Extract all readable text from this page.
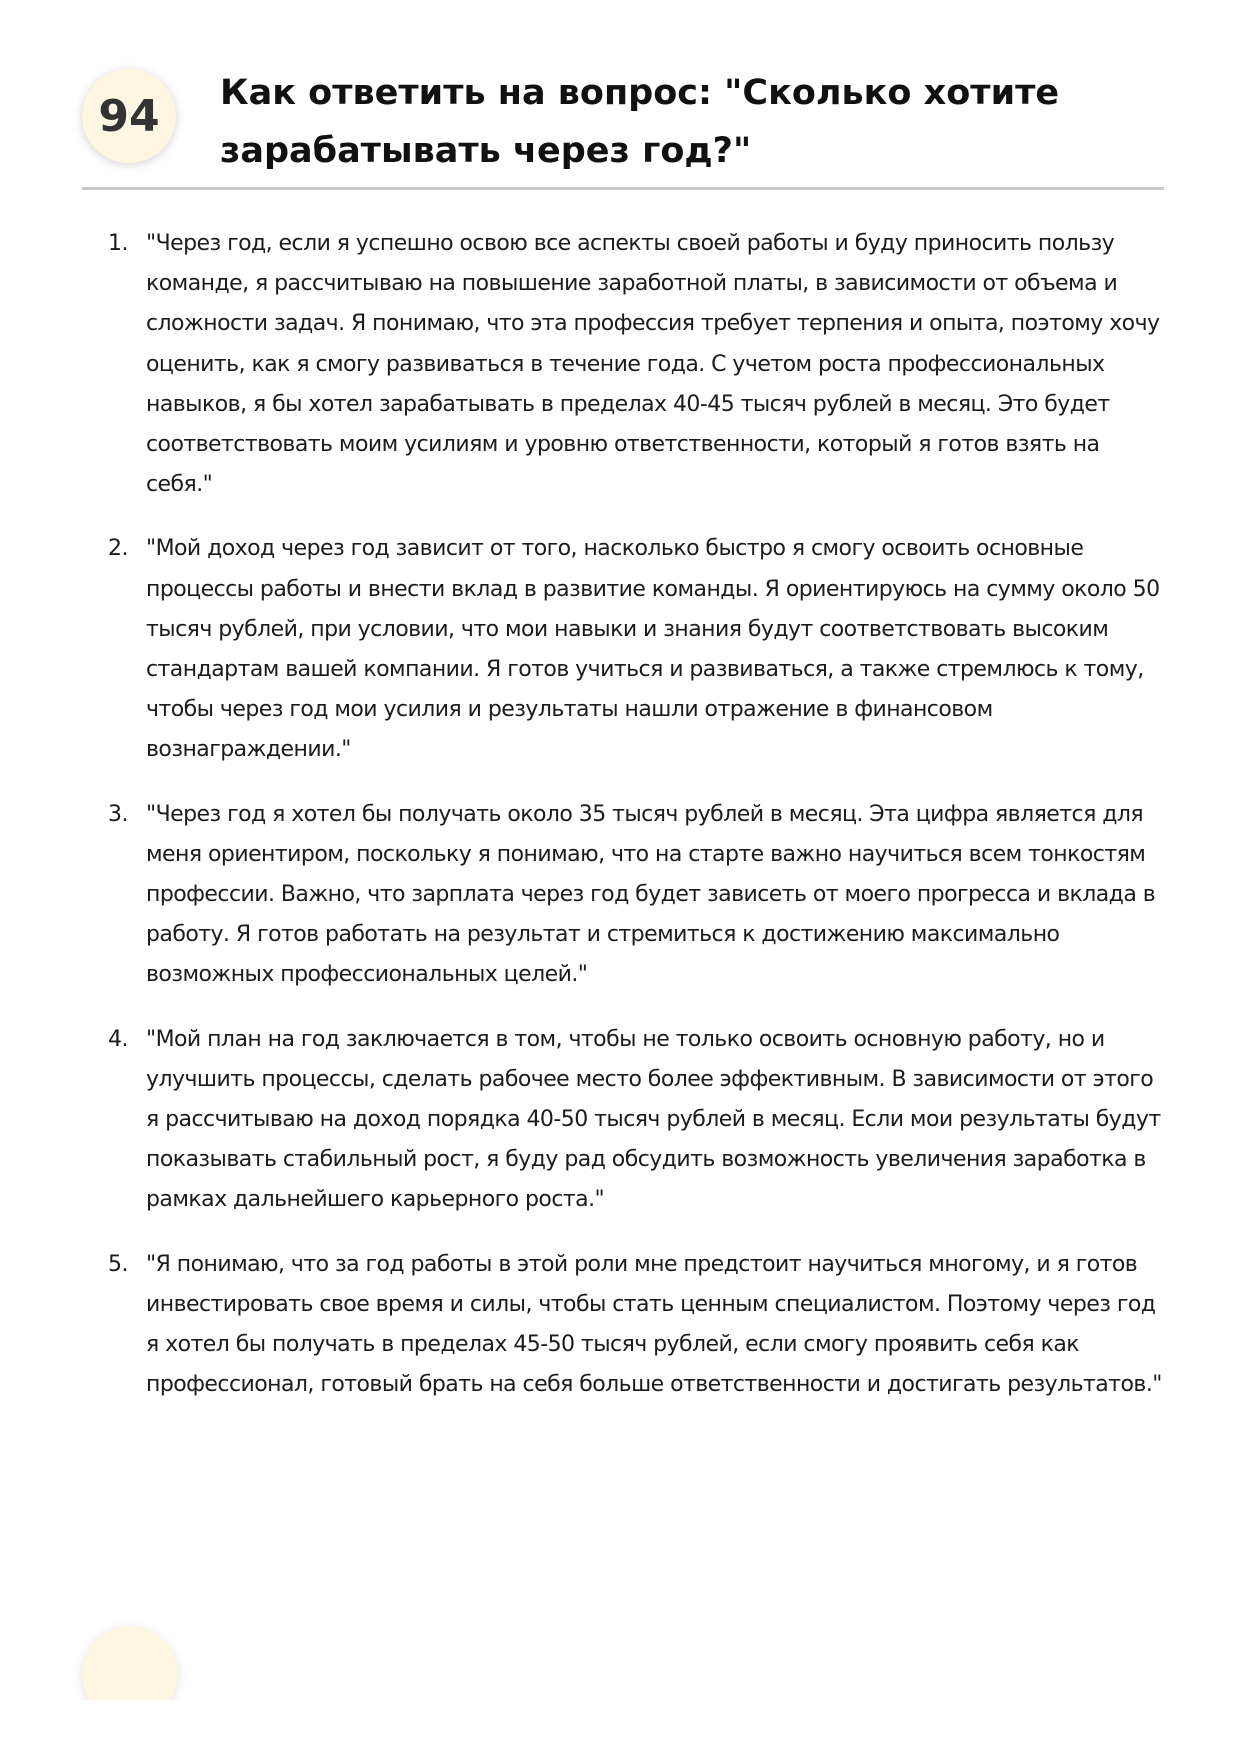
94	Как ответить на вопрос: "Сколько хотите зарабатывать через год?"
1. "Через год, если я успешно освою все аспекты своей работы и буду приносить пользу команде, я рассчитываю на повышение заработной платы, в зависимости от объема и сложности задач. Я понимаю, что эта профессия требует терпения и опыта, поэтому хочу оценить, как я смогу развиваться в течение года. С учетом роста профессиональных навыков, я бы хотел зарабатывать в пределах 40-45 тысяч рублей в месяц. Это будет соответствовать моим усилиям и уровню ответственности, который я готов взять на себя."
2. "Мой доход через год зависит от того, насколько быстро я смогу освоить основные процессы работы и внести вклад в развитие команды. Я ориентируюсь на сумму около 50 тысяч рублей, при условии, что мои навыки и знания будут соответствовать высоким стандартам вашей компании. Я готов учиться и развиваться, а также стремлюсь к тому, чтобы через год мои усилия и результаты нашли отражение в финансовом вознаграждении."
3. "Через год я хотел бы получать около 35 тысяч рублей в месяц. Эта цифра является для меня ориентиром, поскольку я понимаю, что на старте важно научиться всем тонкостям профессии. Важно, что зарплата через год будет зависеть от моего прогресса и вклада в работу. Я готов работать на результат и стремиться к достижению максимально возможных профессиональных целей."
4. "Мой план на год заключается в том, чтобы не только освоить основную работу, но и улучшить процессы, сделать рабочее место более эффективным. В зависимости от этого я рассчитываю на доход порядка 40-50 тысяч рублей в месяц. Если мои результаты будут показывать стабильный рост, я буду рад обсудить возможность увеличения заработка в рамках дальнейшего карьерного роста."
5. "Я понимаю, что за год работы в этой роли мне предстоит научиться многому, и я готов инвестировать свое время и силы, чтобы стать ценным специалистом. Поэтому через год я хотел бы получать в пределах 45-50 тысяч рублей, если смогу проявить себя как профессионал, готовый брать на себя больше ответственности и достигать результатов."
